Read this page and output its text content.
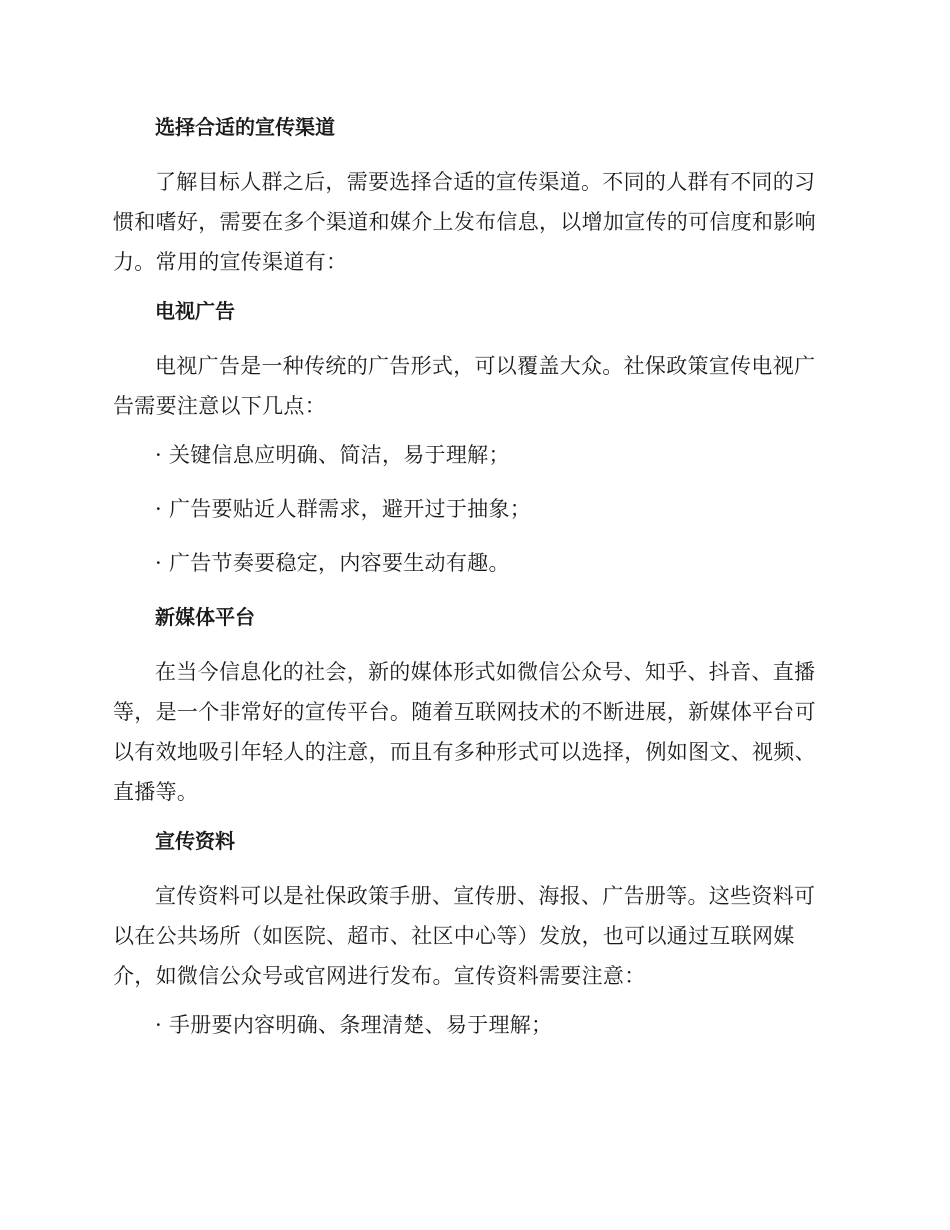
选择合适的宣传渠道
了解目标人群之后，需要选择合适的宣传渠道。不同的人群有不同的习惯和嗜好，需要在多个渠道和媒介上发布信息，以增加宣传的可信度和影响力。常用的宣传渠道有：
电视广告
电视广告是一种传统的广告形式，可以覆盖大众。社保政策宣传电视广告需要注意以下几点：
· 关键信息应明确、简洁，易于理解；
· 广告要贴近人群需求，避开过于抽象；
· 广告节奏要稳定，内容要生动有趣。
新媒体平台
在当今信息化的社会，新的媒体形式如微信公众号、知乎、抖音、直播等，是一个非常好的宣传平台。随着互联网技术的不断进展，新媒体平台可以有效地吸引年轻人的注意，而且有多种形式可以选择，例如图文、视频、直播等。
宣传资料
宣传资料可以是社保政策手册、宣传册、海报、广告册等。这些资料可以在公共场所（如医院、超市、社区中心等）发放，也可以通过互联网媒介，如微信公众号或官网进行发布。宣传资料需要注意：
· 手册要内容明确、条理清楚、易于理解；
